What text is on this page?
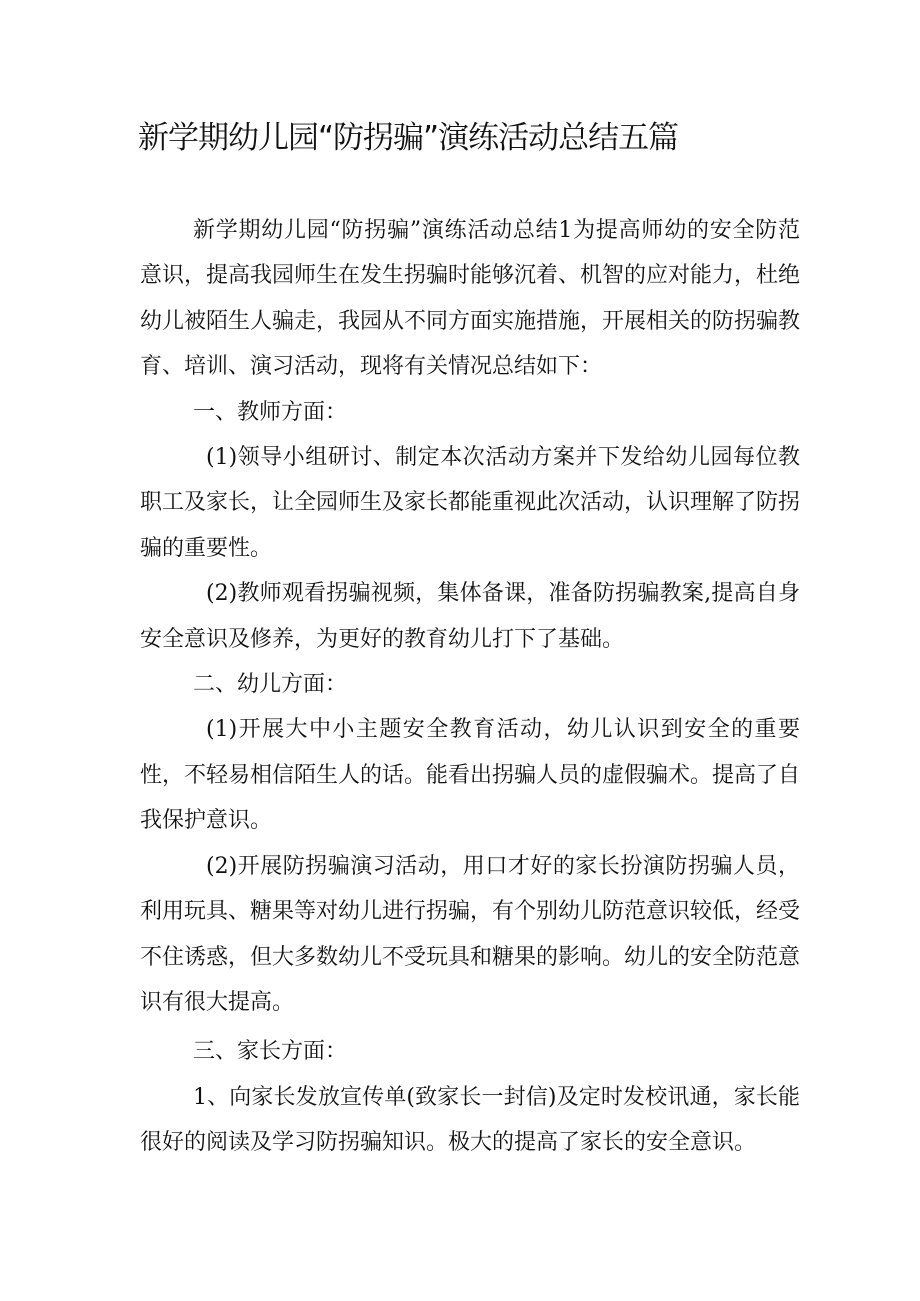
新学期幼儿园“防拐骗”演练活动总结五篇

新学期幼儿园“防拐骗”演练活动总结1为提高师幼的安全防范意识，提高我园师生在发生拐骗时能够沉着、机智的应对能力，杜绝幼儿被陌生人骗走，我园从不同方面实施措施，开展相关的防拐骗教育、培训、演习活动，现将有关情况总结如下：

一、教师方面：

(1)领导小组研讨、制定本次活动方案并下发给幼儿园每位教职工及家长，让全园师生及家长都能重视此次活动，认识理解了防拐骗的重要性。

(2)教师观看拐骗视频，集体备课，准备防拐骗教案,提高自身安全意识及修养，为更好的教育幼儿打下了基础。

二、幼儿方面：

(1)开展大中小主题安全教育活动，幼儿认识到安全的重要性，不轻易相信陌生人的话。能看出拐骗人员的虚假骗术。提高了自我保护意识。

(2)开展防拐骗演习活动，用口才好的家长扮演防拐骗人员，利用玩具、糖果等对幼儿进行拐骗，有个别幼儿防范意识较低，经受不住诱惑，但大多数幼儿不受玩具和糖果的影响。幼儿的安全防范意识有很大提高。

三、家长方面：

1、向家长发放宣传单(致家长一封信)及定时发校讯通，家长能很好的阅读及学习防拐骗知识。极大的提高了家长的安全意识。
